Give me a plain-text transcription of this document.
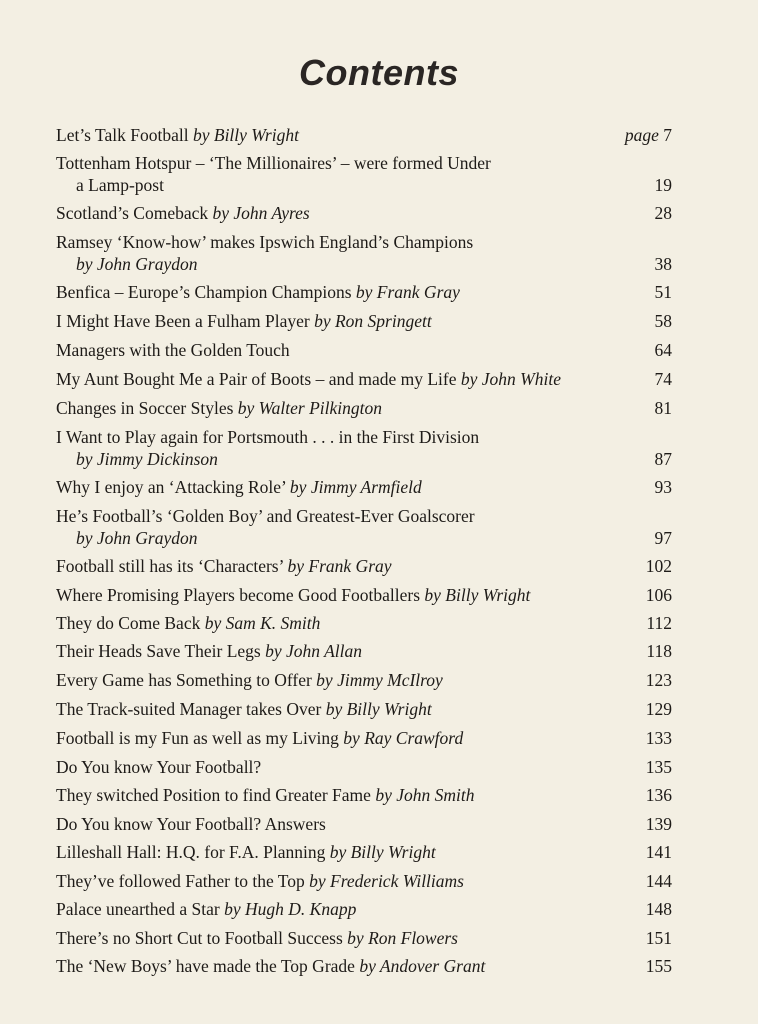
Contents
Let’s Talk Football by Billy Wright	page 7
Tottenham Hotspur – ‘The Millionaires’ – were formed Under
a Lamp-post	19
Scotland’s Comeback by John Ayres	28
Ramsey ‘Know-how’ makes Ipswich England’s Champions
by John Graydon	38
Benfica – Europe’s Champion Champions by Frank Gray	51
I Might Have Been a Fulham Player by Ron Springett	58
Managers with the Golden Touch	64
My Aunt Bought Me a Pair of Boots – and made my Life by John White	74
Changes in Soccer Styles by Walter Pilkington	81
I Want to Play again for Portsmouth . . . in the First Division
by Jimmy Dickinson	87
Why I enjoy an ‘Attacking Role’ by Jimmy Armfield	93
He’s Football’s ‘Golden Boy’ and Greatest-Ever Goalscorer
by John Graydon	97
Football still has its ‘Characters’ by Frank Gray	102
Where Promising Players become Good Footballers by Billy Wright	106
They do Come Back by Sam K. Smith	112
Their Heads Save Their Legs by John Allan	118
Every Game has Something to Offer by Jimmy McIlroy	123
The Track-suited Manager takes Over by Billy Wright	129
Football is my Fun as well as my Living by Ray Crawford	133
Do You know Your Football?	135
They switched Position to find Greater Fame by John Smith	136
Do You know Your Football? Answers	139
Lilleshall Hall: H.Q. for F.A. Planning by Billy Wright	141
They’ve followed Father to the Top by Frederick Williams	144
Palace unearthed a Star by Hugh D. Knapp	148
There’s no Short Cut to Football Success by Ron Flowers	151
The ‘New Boys’ have made the Top Grade by Andover Grant	155
